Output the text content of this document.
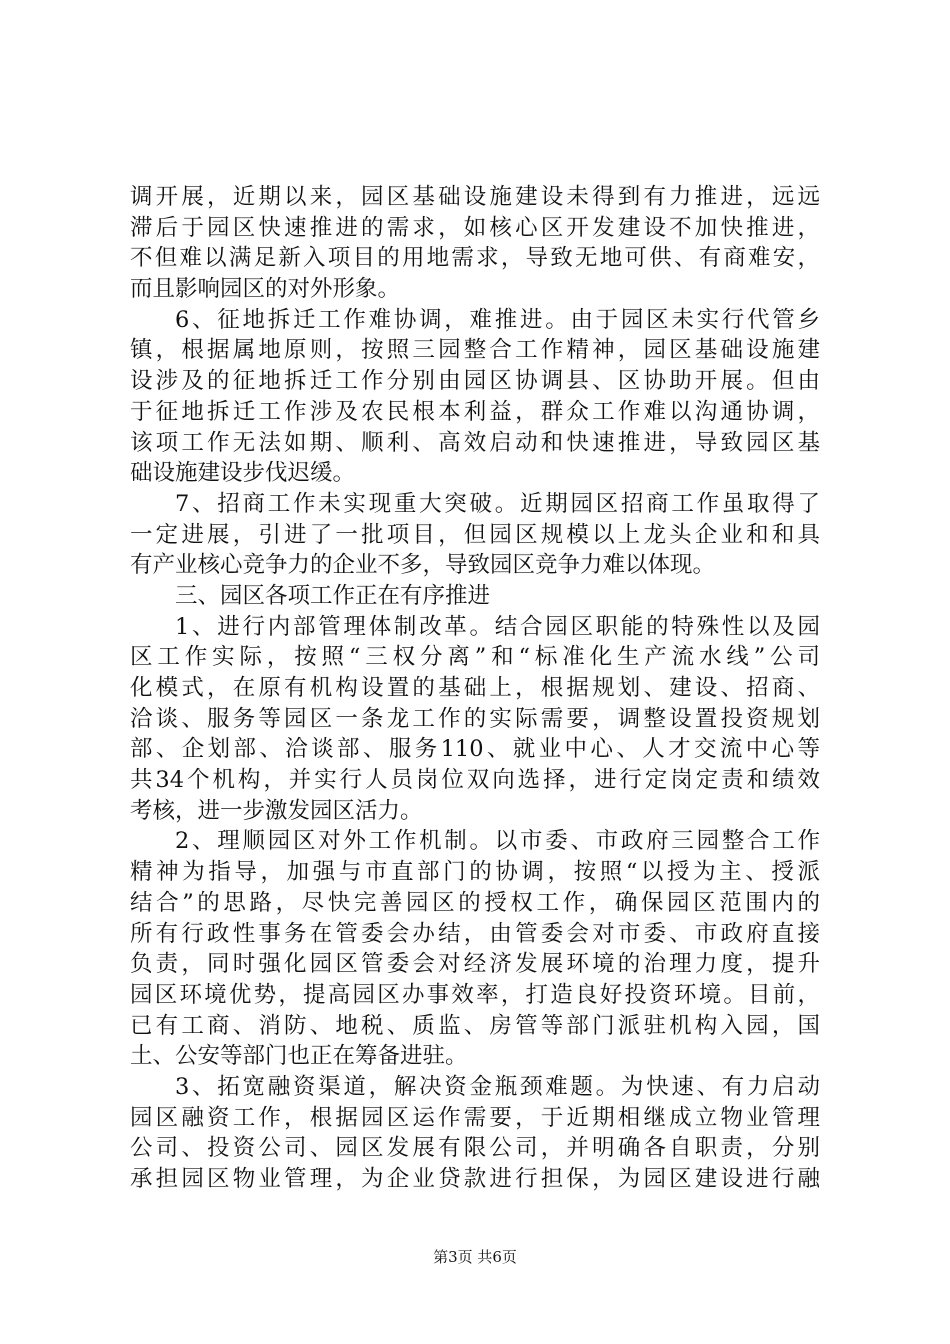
调开展，近期以来，园区基础设施建设未得到有力推进，远远
滞后于园区快速推进的需求，如核心区开发建设不加快推进，
不但难以满足新入项目的用地需求，导致无地可供、有商难安，
而且影响园区的对外形象。
6、征地拆迁工作难协调，难推进。由于园区未实行代管乡
镇，根据属地原则，按照三园整合工作精神，园区基础设施建
设涉及的征地拆迁工作分别由园区协调县、区协助开展。但由
于征地拆迁工作涉及农民根本利益，群众工作难以沟通协调，
该项工作无法如期、顺利、高效启动和快速推进，导致园区基
础设施建设步伐迟缓。
7、招商工作未实现重大突破。近期园区招商工作虽取得了
一定进展，引进了一批项目，但园区规模以上龙头企业和和具
有产业核心竞争力的企业不多，导致园区竞争力难以体现。
三、园区各项工作正在有序推进
1、进行内部管理体制改革。结合园区职能的特殊性以及园
区工作实际，按照“三权分离”和“标准化生产流水线”公司
化模式，在原有机构设置的基础上，根据规划、建设、招商、
洽谈、服务等园区一条龙工作的实际需要，调整设置投资规划
部、企划部、洽谈部、服务110、就业中心、人才交流中心等
共34个机构，并实行人员岗位双向选择，进行定岗定责和绩效
考核，进一步激发园区活力。
2、理顺园区对外工作机制。以市委、市政府三园整合工作
精神为指导，加强与市直部门的协调，按照“以授为主、授派
结合”的思路，尽快完善园区的授权工作，确保园区范围内的
所有行政性事务在管委会办结，由管委会对市委、市政府直接
负责，同时强化园区管委会对经济发展环境的治理力度，提升
园区环境优势，提高园区办事效率，打造良好投资环境。目前，
已有工商、消防、地税、质监、房管等部门派驻机构入园，国
土、公安等部门也正在筹备进驻。
3、拓宽融资渠道，解决资金瓶颈难题。为快速、有力启动
园区融资工作，根据园区运作需要，于近期相继成立物业管理
公司、投资公司、园区发展有限公司，并明确各自职责，分别
承担园区物业管理，为企业贷款进行担保，为园区建设进行融
第3页 共6页
